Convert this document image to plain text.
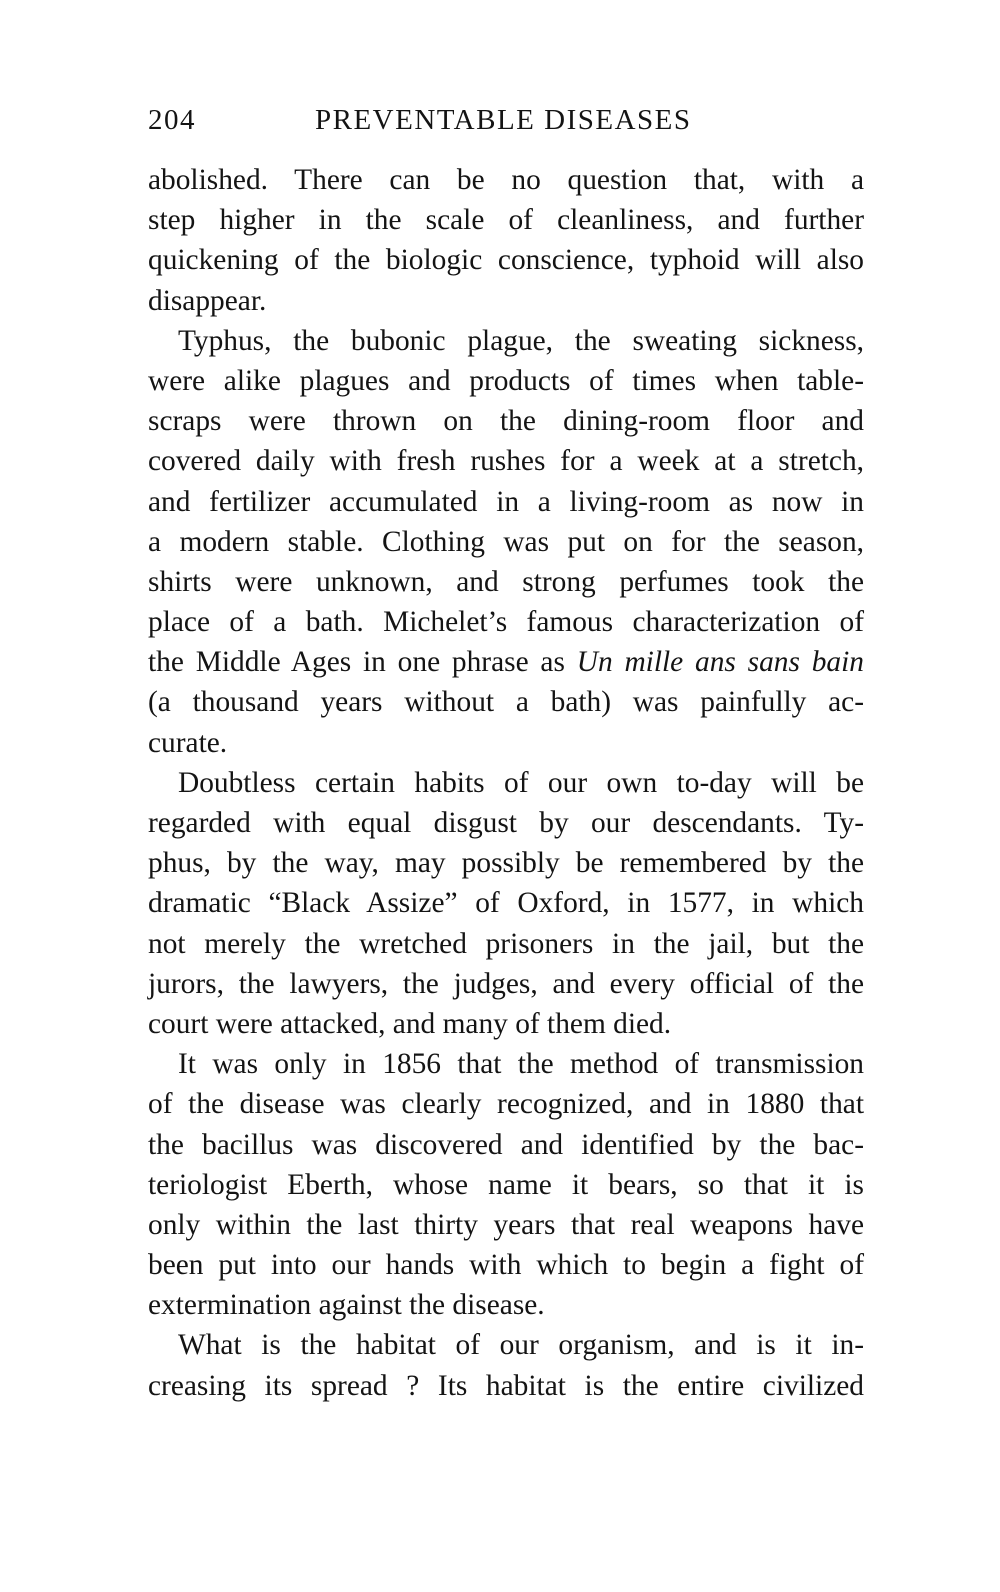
204	PREVENTABLE DISEASES
abolished. There can be no question that, with a
step higher in the scale of cleanliness, and further
quickening of the biologic conscience, typhoid will also
disappear.
Typhus, the bubonic plague, the sweating sickness,
were alike plagues and products of times when table-
scraps were thrown on the dining-room floor and
covered daily with fresh rushes for a week at a stretch,
and fertilizer accumulated in a living-room as now in
a modern stable. Clothing was put on for the season,
shirts were unknown, and strong perfumes took the
place of a bath. Michelet’s famous characterization of
the Middle Ages in one phrase as Un mille ans sans bain
(a thousand years without a bath) was painfully ac-
curate.
Doubtless certain habits of our own to-day will be
regarded with equal disgust by our descendants. Ty-
phus, by the way, may possibly be remembered by the
dramatic “Black Assize” of Oxford, in 1577, in which
not merely the wretched prisoners in the jail, but the
jurors, the lawyers, the judges, and every official of the
court were attacked, and many of them died.
It was only in 1856 that the method of transmission
of the disease was clearly recognized, and in 1880 that
the bacillus was discovered and identified by the bac-
teriologist Eberth, whose name it bears, so that it is
only within the last thirty years that real weapons have
been put into our hands with which to begin a fight of
extermination against the disease.
What is the habitat of our organism, and is it in-
creasing its spread ? Its habitat is the entire civilized
